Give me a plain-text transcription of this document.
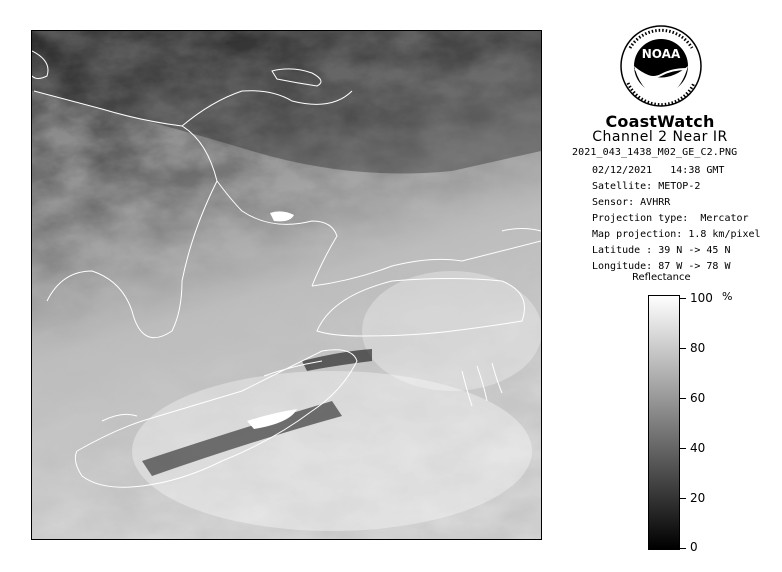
NOAA
CoastWatch
Channel 2 Near IR
2021_043_1438_M02_GE_C2.PNG
02/12/2021   14:38 GMT
Satellite: METOP-2
Sensor: AVHRR
Projection type:  Mercator
Map projection: 1.8 km/pixel
Latitude : 39 N -> 45 N
Longitude: 87 W -> 78 W
Reflectance
%
100
80
60
40
20
0
